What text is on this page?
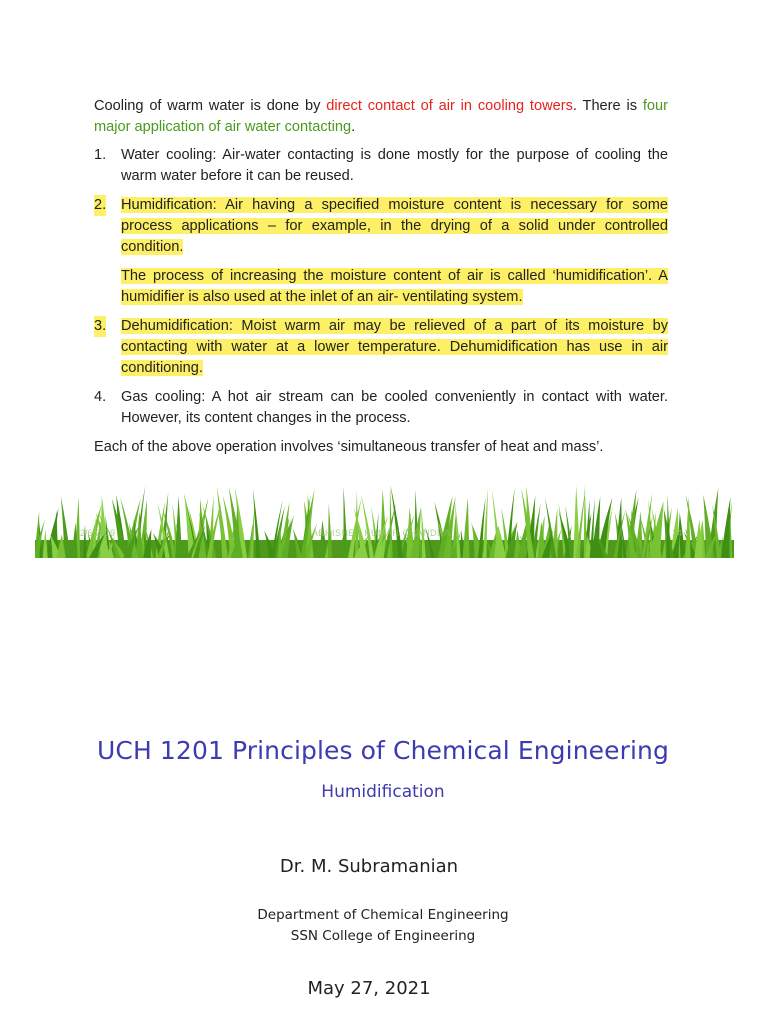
Cooling of warm water is done by direct contact of air in cooling towers. There is four major application of air water contacting.

1. Water cooling: Air-water contacting is done mostly for the purpose of cooling the warm water before it can be reused.
2. Humidification: Air having a specified moisture content is necessary for some process applications – for example, in the drying of a solid under controlled condition.

The process of increasing the moisture content of air is called ‘humidification’. A humidifier is also used at the inlet of an air- ventilating system.

3. Dehumidification: Moist warm air may be relieved of a part of its moisture by contacting with water at a lower temperature. Dehumidification has use in air conditioning.
4. Gas cooling: A hot air stream can be cooled conveniently in contact with water. However, its content changes in the process.

Each of the above operation involves ‘simultaneous transfer of heat and mass’.

2/6/2019	ABHISHEK KUMAR CHANDRA	14
UCH 1201 Principles of Chemical Engineering
Humidification
Dr. M. Subramanian
Department of Chemical Engineering
SSN College of Engineering
May 27, 2021
